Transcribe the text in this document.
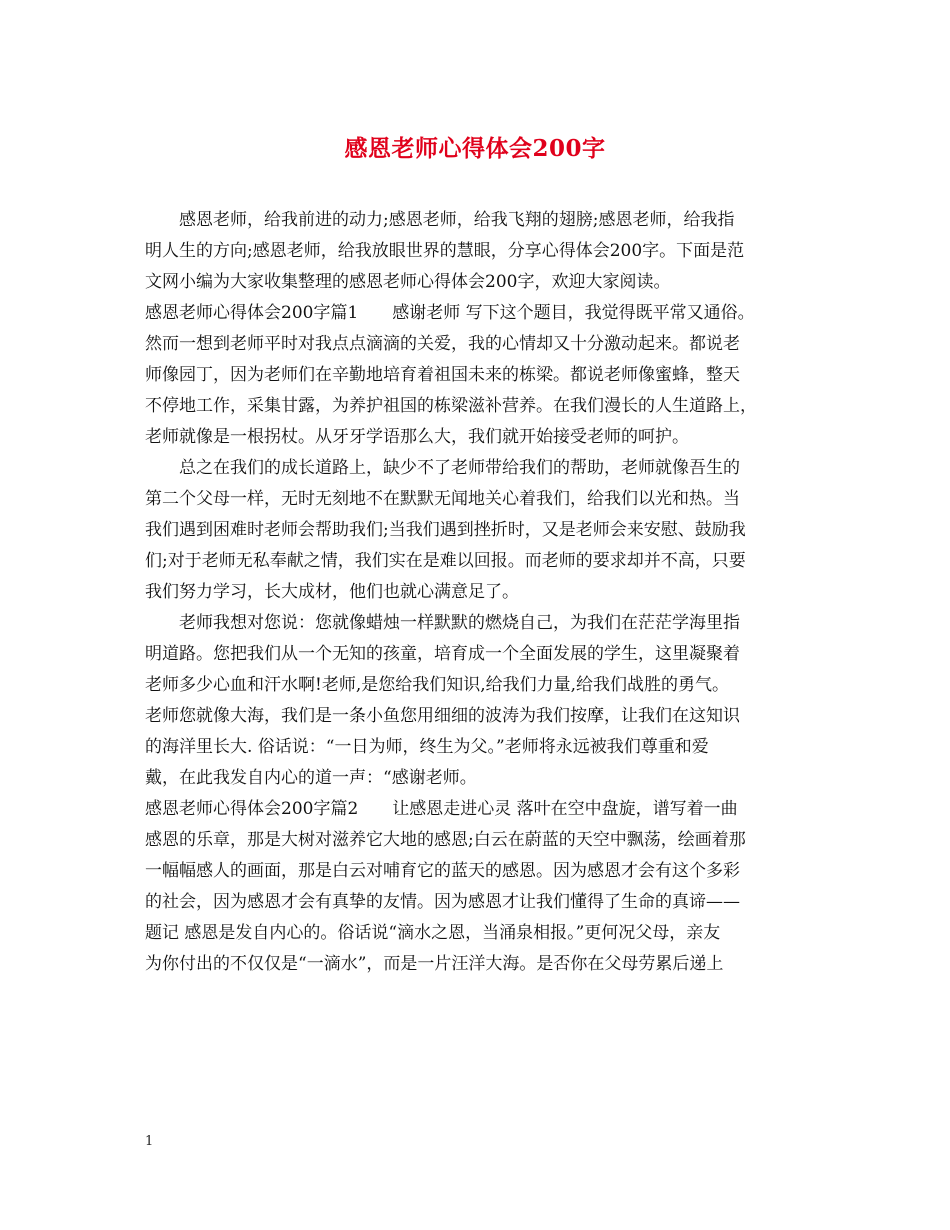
感恩老师心得体会200字
感恩老师，给我前进的动力;感恩老师，给我飞翔的翅膀;感恩老师，给我指
明人生的方向;感恩老师，给我放眼世界的慧眼，分享心得体会200字。下面是范
文网小编为大家收集整理的感恩老师心得体会200字，欢迎大家阅读。
感恩老师心得体会200字篇1　　感谢老师 写下这个题目，我觉得既平常又通俗。
然而一想到老师平时对我点点滴滴的关爱，我的心情却又十分激动起来。都说老
师像园丁，因为老师们在辛勤地培育着祖国未来的栋梁。都说老师像蜜蜂，整天
不停地工作，采集甘露，为养护祖国的栋梁滋补营养。在我们漫长的人生道路上，
老师就像是一根拐杖。从牙牙学语那么大，我们就开始接受老师的呵护。
总之在我们的成长道路上，缺少不了老师带给我们的帮助，老师就像吾生的
第二个父母一样，无时无刻地不在默默无闻地关心着我们，给我们以光和热。当
我们遇到困难时老师会帮助我们;当我们遇到挫折时，又是老师会来安慰、鼓励我
们;对于老师无私奉献之情，我们实在是难以回报。而老师的要求却并不高，只要
我们努力学习，长大成材，他们也就心满意足了。
老师我想对您说：您就像蜡烛一样默默的燃烧自己，为我们在茫茫学海里指
明道路。您把我们从一个无知的孩童，培育成一个全面发展的学生，这里凝聚着
老师多少心血和汗水啊!老师,是您给我们知识,给我们力量,给我们战胜的勇气。
老师您就像大海，我们是一条小鱼您用细细的波涛为我们按摩，让我们在这知识
的海洋里长大. 俗话说：“一日为师，终生为父。”老师将永远被我们尊重和爱
戴，在此我发自内心的道一声：“感谢老师。
感恩老师心得体会200字篇2　　让感恩走进心灵 落叶在空中盘旋，谱写着一曲
感恩的乐章，那是大树对滋养它大地的感恩;白云在蔚蓝的天空中飘荡，绘画着那
一幅幅感人的画面，那是白云对哺育它的蓝天的感恩。因为感恩才会有这个多彩
的社会，因为感恩才会有真挚的友情。因为感恩才让我们懂得了生命的真谛——
题记 感恩是发自内心的。俗话说“滴水之恩，当涌泉相报。”更何况父母，亲友
为你付出的不仅仅是“一滴水”，而是一片汪洋大海。是否你在父母劳累后递上
1
